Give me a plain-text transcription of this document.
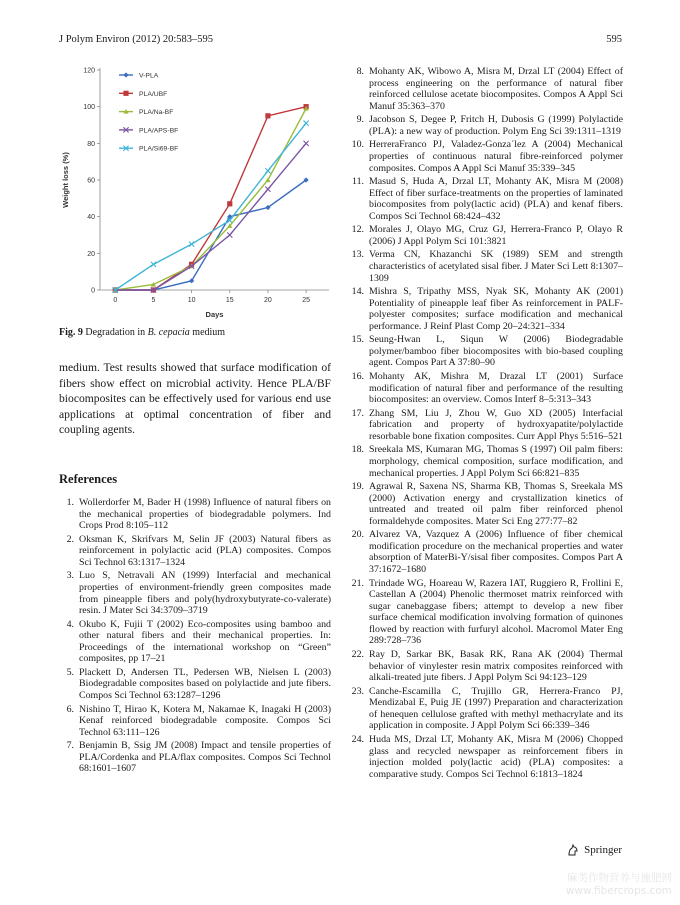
J Polym Environ (2012) 20:583–595	595
0
20
40
60
80
100
120
0	5	10	15	20	25
Days
Weight loss (%)
V-PLA
PLA/UBF
PLA/Na-BF
PLA/APS-BF
PLA/Si69-BF
Fig. 9 Degradation in B. cepacia medium
medium. Test results showed that surface modification of fibers show effect on microbial activity. Hence PLA/BF biocomposites can be effectively used for various end use applications at optimal concentration of fiber and coupling agents.
References
1. Wollerdorfer M, Bader H (1998) Influence of natural fibers on the mechanical properties of biodegradable polymers. Ind Crops Prod 8:105–112
2. Oksman K, Skrifvars M, Selin JF (2003) Natural fibers as reinforcement in polylactic acid (PLA) composites. Compos Sci Technol 63:1317–1324
3. Luo S, Netravali AN (1999) Interfacial and mechanical properties of environment-friendly green composites made from pineapple fibers and poly(hydroxybutyrate-co-valerate) resin. J Mater Sci 34:3709–3719
4. Okubo K, Fujii T (2002) Eco-composites using bamboo and other natural fibers and their mechanical properties. In: Proceedings of the international workshop on “Green” composites, pp 17–21
5. Plackett D, Andersen TL, Pedersen WB, Nielsen L (2003) Biodegradable composites based on polylactide and jute fibers. Compos Sci Technol 63:1287–1296
6. Nishino T, Hirao K, Kotera M, Nakamae K, Inagaki H (2003) Kenaf reinforced biodegradable composite. Compos Sci Technol 63:111–126
7. Benjamin B, Ssig JM (2008) Impact and tensile properties of PLA/Cordenka and PLA/flax composites. Compos Sci Technol 68:1601–1607
8. Mohanty AK, Wibowo A, Misra M, Drzal LT (2004) Effect of process engineering on the performance of natural fiber reinforced cellulose acetate biocomposites. Compos A Appl Sci Manuf 35:363–370
9. Jacobson S, Degee P, Fritch H, Dubosis G (1999) Polylactide (PLA): a new way of production. Polym Eng Sci 39:1311–1319
10. HerreraFranco PJ, Valadez-Gonza´lez A (2004) Mechanical properties of continuous natural fibre-reinforced polymer composites. Compos A Appl Sci Manuf 35:339–345
11. Masud S, Huda A, Drzal LT, Mohanty AK, Misra M (2008) Effect of fiber surface-treatments on the properties of laminated biocomposites from poly(lactic acid) (PLA) and kenaf fibers. Compos Sci Technol 68:424–432
12. Morales J, Olayo MG, Cruz GJ, Herrera-Franco P, Olayo R (2006) J Appl Polym Sci 101:3821
13. Verma CN, Khazanchi SK (1989) SEM and strength characteristics of acetylated sisal fiber. J Mater Sci Lett 8:1307–1309
14. Mishra S, Tripathy MSS, Nyak SK, Mohanty AK (2001) Potentiality of pineapple leaf fiber As reinforcement in PALF-polyester composites; surface modification and mechanical performance. J Reinf Plast Comp 20–24:321–334
15. Seung-Hwan L, Siqun W (2006) Biodegradable polymer/bamboo fiber biocomposites with bio-based coupling agent. Compos Part A 37:80–90
16. Mohanty AK, Mishra M, Drazal LT (2001) Surface modification of natural fiber and performance of the resulting biocomposites: an overview. Comos Interf 8–5:313–343
17. Zhang SM, Liu J, Zhou W, Guo XD (2005) Interfacial fabrication and property of hydroxyapatite/polylactide resorbable bone fixation composites. Curr Appl Phys 5:516–521
18. Sreekala MS, Kumaran MG, Thomas S (1997) Oil palm fibers: morphology, chemical composition, surface modification, and mechanical properties. J Appl Polym Sci 66:821–835
19. Agrawal R, Saxena NS, Sharma KB, Thomas S, Sreekala MS (2000) Activation energy and crystallization kinetics of untreated and treated oil palm fiber reinforced phenol formaldehyde composites. Mater Sci Eng 277:77–82
20. Alvarez VA, Vazquez A (2006) Influence of fiber chemical modification procedure on the mechanical properties and water absorption of MaterBi-Y/sisal fiber composites. Compos Part A 37:1672–1680
21. Trindade WG, Hoareau W, Razera IAT, Ruggiero R, Frollini E, Castellan A (2004) Phenolic thermoset matrix reinforced with sugar canebaggase fibers; attempt to develop a new fiber surface chemical modification involving formation of quinones flowed by reaction with furfuryl alcohol. Macromol Mater Eng 289:728–736
22. Ray D, Sarkar BK, Basak RK, Rana AK (2004) Thermal behavior of vinylester resin matrix composites reinforced with alkali-treated jute fibers. J Appl Polym Sci 94:123–129
23. Canche-Escamilla C, Trujillo GR, Herrera-Franco PJ, Mendizabal E, Puig JE (1997) Preparation and characterization of henequen cellulose grafted with methyl methacrylate and its application in composite. J Appl Polym Sci 66:339–346
24. Huda MS, Drzal LT, Mohanty AK, Misra M (2006) Chopped glass and recycled newspaper as reinforcement fibers in injection molded poly(lactic acid) (PLA) composites: a comparative study. Compos Sci Technol 6:1813–1824
Springer
麻类作物营养与施肥网
www.fibercrops.com
